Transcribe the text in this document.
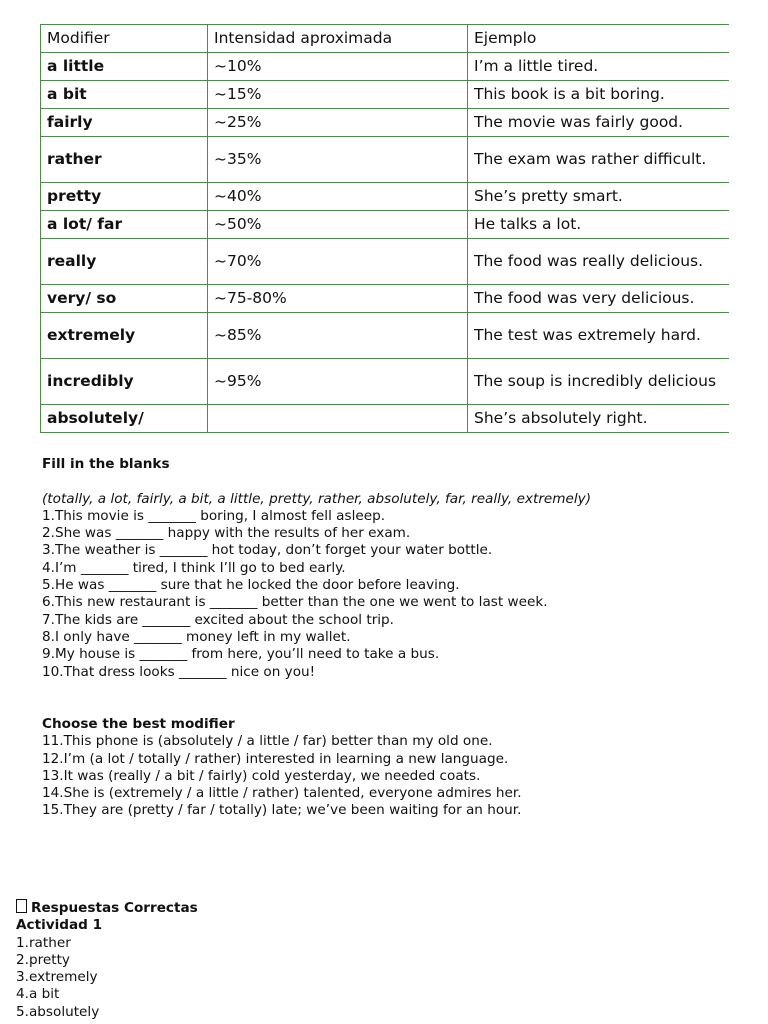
Modifier	Intensidad aproximada	Ejemplo
a little	~10%	I’m a little tired.
a bit	~15%	This book is a bit boring.
fairly	~25%	The movie was fairly good.
rather	~35%	The exam was rather difficult.
pretty	~40%	She’s pretty smart.
a lot/ far	~50%	He talks a lot.
really	~70%	The food was really delicious.
very/ so	~75-80%	The food was very delicious.
extremely	~85%	The test was extremely hard.
incredibly	~95%	The soup is incredibly delicious
absolutely/		She’s absolutely right.
Fill in the blanks
(totally, a lot, fairly, a bit, a little, pretty, rather, absolutely, far, really, extremely)
1.This movie is _______ boring, I almost fell asleep.
2.She was _______ happy with the results of her exam.
3.The weather is _______ hot today, don’t forget your water bottle.
4.I’m _______ tired, I think I’ll go to bed early.
5.He was _______ sure that he locked the door before leaving.
6.This new restaurant is _______ better than the one we went to last week.
7.The kids are _______ excited about the school trip.
8.I only have _______ money left in my wallet.
9.My house is _______ from here, you’ll need to take a bus.
10.That dress looks _______ nice on you!
Choose the best modifier
11.This phone is (absolutely / a little / far) better than my old one.
12.I’m (a lot / totally / rather) interested in learning a new language.
13.It was (really / a bit / fairly) cold yesterday, we needed coats.
14.She is (extremely / a little / rather) talented, everyone admires her.
15.They are (pretty / far / totally) late; we’ve been waiting for an hour.
Respuestas Correctas
Actividad 1
1.rather
2.pretty
3.extremely
4.a bit
5.absolutely
